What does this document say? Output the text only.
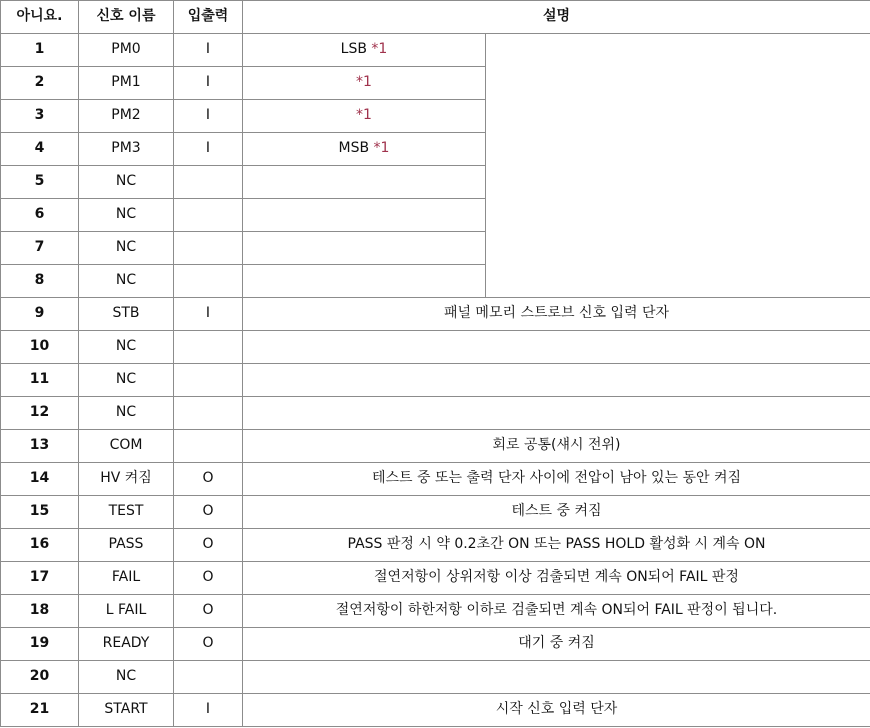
아니요.	신호 이름	입출력	설명	
1	PM0	I	LSB *1	
2	PM1	I	*1	
3	PM2	I	*1	
4	PM3	I	MSB *1	
5	NC			
6	NC			
7	NC			
8	NC			
9	STB	I	패널 메모리 스트로브 신호 입력 단자	
10	NC			
11	NC			
12	NC			
13	COM		회로 공통(섀시 전위)	
14	HV 켜짐	O	테스트 중 또는 출력 단자 사이에 전압이 남아 있는 동안 켜짐	
15	TEST	O	테스트 중 켜짐	
16	PASS	O	PASS 판정 시 약 0.2초간 ON 또는 PASS HOLD 활성화 시 계속 ON	
17	FAIL	O	절연저항이 상위저항 이상 검출되면 계속 ON되어 FAIL 판정	
18	L FAIL	O	절연저항이 하한저항 이하로 검출되면 계속 ON되어 FAIL 판정이 됩니다.	
19	READY	O	대기 중 켜짐	
20	NC			
21	START	I	시작 신호 입력 단자	
